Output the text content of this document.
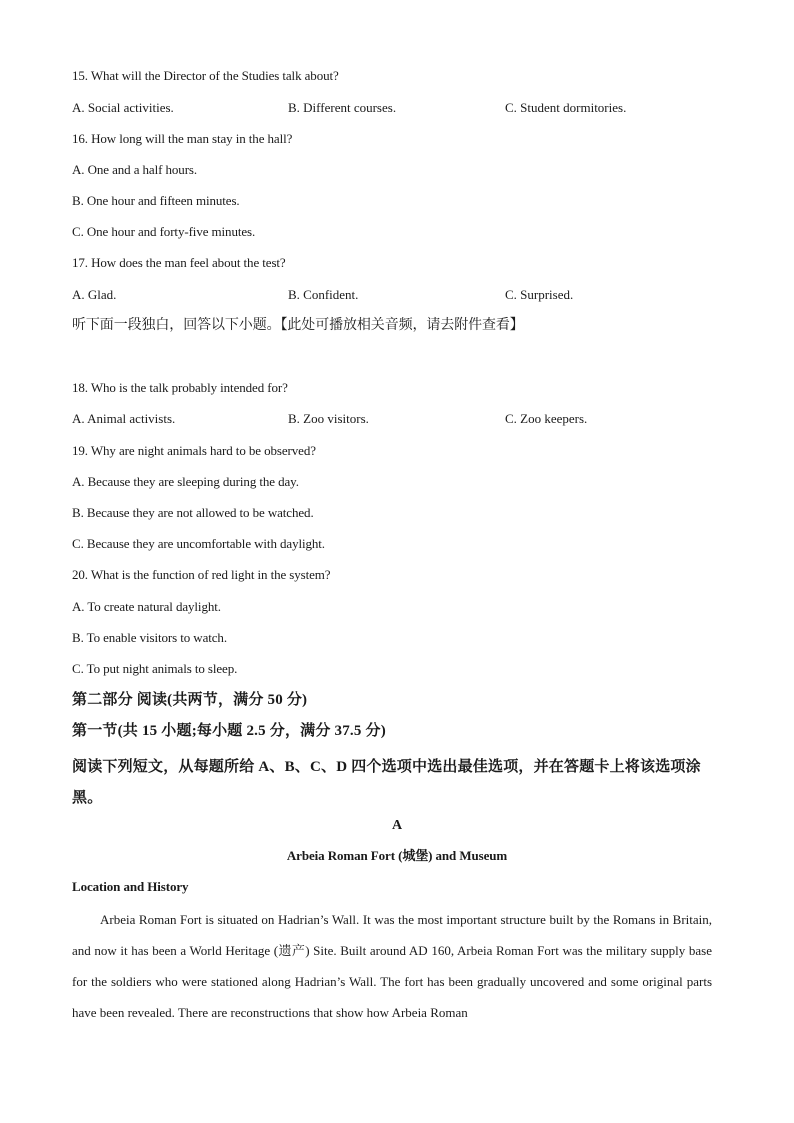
15. What will the Director of the Studies talk about?
A. Social activities.	B. Different courses.	C. Student dormitories.
16. How long will the man stay in the hall?
A. One and a half hours.
B. One hour and fifteen minutes.
C. One hour and forty-five minutes.
17. How does the man feel about the test?
A. Glad.	B. Confident.	C. Surprised.
听下面一段独白，回答以下小题。【此处可播放相关音频，请去附件查看】
18. Who is the talk probably intended for?
A. Animal activists.	B. Zoo visitors.	C. Zoo keepers.
19. Why are night animals hard to be observed?
A. Because they are sleeping during the day.
B. Because they are not allowed to be watched.
C. Because they are uncomfortable with daylight.
20. What is the function of red light in the system?
A. To create natural daylight.
B. To enable visitors to watch.
C. To put night animals to sleep.
第二部分 阅读(共两节，满分 50 分)
第一节(共 15 小题;每小题 2.5 分，满分 37.5 分)
阅读下列短文，从每题所给 A、B、C、D 四个选项中选出最佳选项，并在答题卡上将该选项涂黑。
A
Arbeia Roman Fort (城堡) and Museum
Location and History
Arbeia Roman Fort is situated on Hadrian’s Wall. It was the most important structure built by the Romans in Britain, and now it has been a World Heritage (遗产) Site. Built around AD 160, Arbeia Roman Fort was the military supply base for the soldiers who were stationed along Hadrian’s Wall. The fort has been gradually uncovered and some original parts have been revealed. There are reconstructions that show how Arbeia Roman
